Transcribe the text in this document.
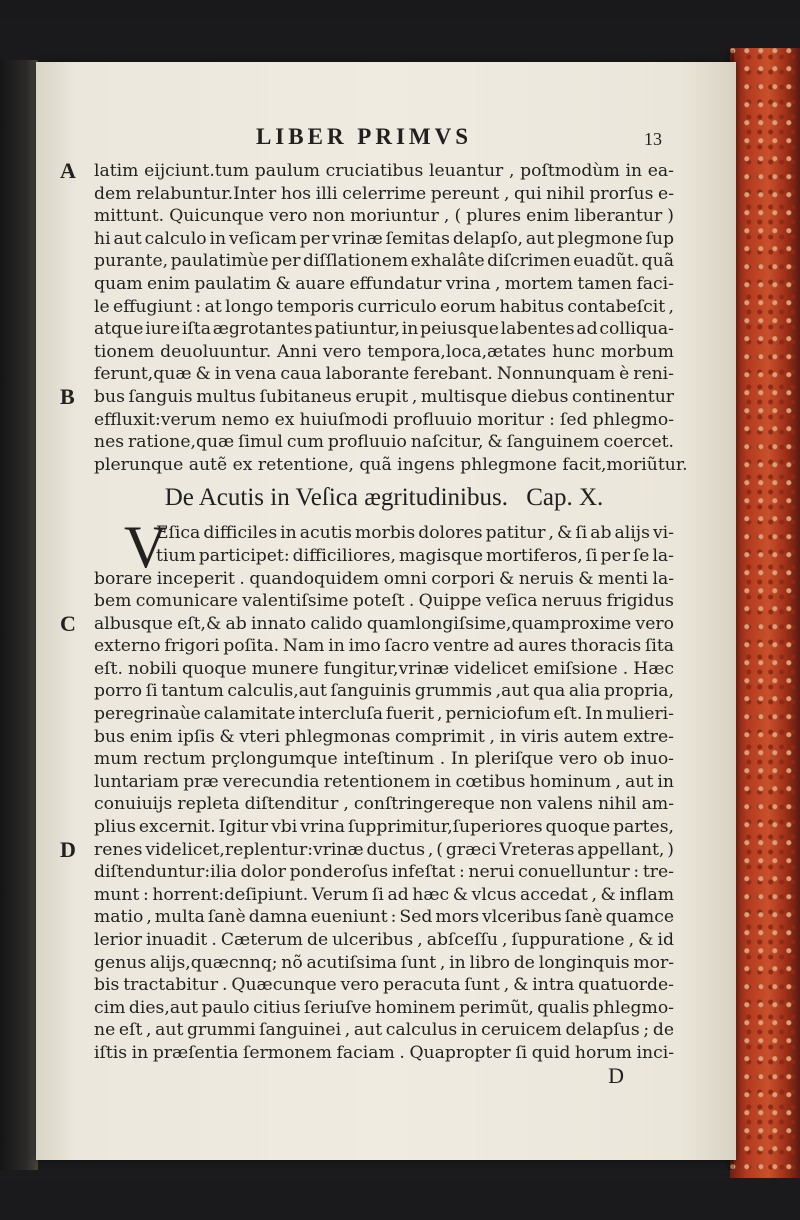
LIBER PRIMVS	13
A latim eijciunt.tum paulum cruciatibus leuantur , poſtmodùm in ea-
dem relabuntur.Inter hos illi celerrime pereunt , qui nihil prorſus e-
mittunt. Quicunque vero non moriuntur , ( plures enim liberantur )
hi aut calculo in veſicam per vrinæ ſemitas delapſo, aut plegmone ſup
purante, paulatimùe per diſſlationem exhalâte diſcrimen euadũt. quã
quam enim paulatim & auare effundatur vrina , mortem tamen faci-
le effugiunt : at longo temporis curriculo eorum habitus contabeſcit ,
atque iure iſta ægrotantes patiuntur, in peiusque labentes ad colliqua-
tionem deuoluuntur. Anni vero tempora,loca,ætates hunc morbum
ferunt,quæ & in vena caua laborante ferebant. Nonnunquam è reni-
B bus ſanguis multus ſubitaneus erupit , multisque diebus continentur
effluxit:verum nemo ex huiuſmodi profluuio moritur : ſed phlegmo-
nes ratione,quæ ſimul cum profluuio naſcitur, & ſanguinem coercet.
plerunque autẽ ex retentione, quã ingens phlegmone facit,moriũtur.
De Acutis in Veſica ægritudinibus. Cap. X.
V
Eſica difficiles in acutis morbis dolores patitur , & ſi ab alijs vi-
tium participet: difficiliores, magisque mortiferos, ſi per ſe la-
borare inceperit . quandoquidem omni corpori & neruis & menti la-
bem comunicare valentiſsime poteſt . Quippe veſica neruus frigidus
C albusque eſt,& ab innato calido quamlongiſsime,quamproxime vero
externo frigori poſita. Nam in imo ſacro ventre ad aures thoracis ſita
eſt. nobili quoque munere fungitur,vrinæ videlicet emiſsione . Hæc
porro ſi tantum calculis,aut ſanguinis grummis ,aut qua alia propria,
peregrinaùe calamitate intercluſa fuerit , perniciofum eſt. In mulieri-
bus enim ipſis & vteri phlegmonas comprimit , in viris autem extre-
mum rectum prçlongumque inteſtinum . In pleriſque vero ob inuo-
luntariam præ verecundia retentionem in cœtibus hominum , aut in
conuiuijs repleta diſtenditur , conſtringereque non valens nihil am-
plius excernit. Igitur vbi vrina ſupprimitur,ſuperiores quoque partes,
D renes videlicet,replentur:vrinæ ductus , ( græci Vreteras appellant, )
diſtenduntur:ilia dolor ponderoſus infeſtat : nerui conuelluntur : tre-
munt : horrent:deſipiunt. Verum ſi ad hæc & vlcus accedat , & inflam
matio , multa ſanè damna eueniunt : Sed mors vlceribus ſanè quamce
lerior inuadit . Cæterum de ulceribus , abſceſſu , ſuppuratione , & id
genus alijs,quæcnnq; nõ acutiſsima ſunt , in libro de longinquis mor-
bis tractabitur . Quæcunque vero peracuta ſunt , & intra quatuorde-
cim dies,aut paulo citius ſeriuſve hominem perimũt, qualis phlegmo-
ne eſt , aut grummi ſanguinei , aut calculus in ceruicem delapſus ; de
iſtis in præſentia ſermonem faciam . Quapropter ſi quid horum inci-
D
